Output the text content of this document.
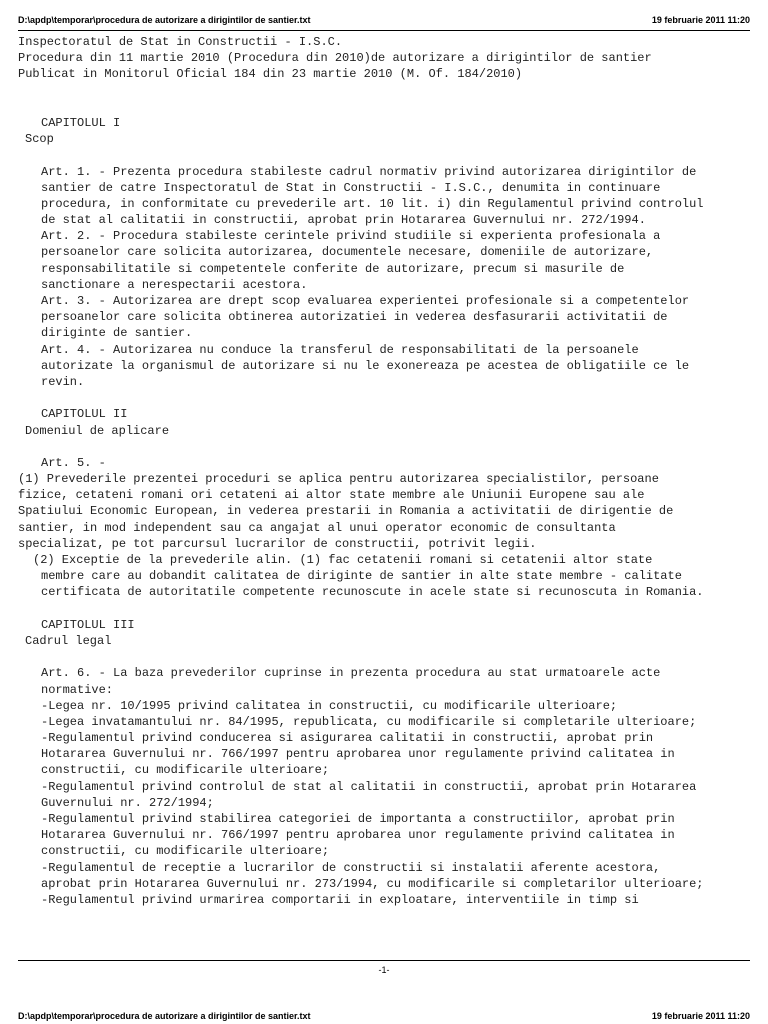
D:\apdp\temporar\procedura de autorizare a dirigintilor de santier.txt	19 februarie 2011 11:20
Inspectoratul de Stat in Constructii - I.S.C.
Procedura din 11 martie 2010 (Procedura din 2010)de autorizare a dirigintilor de santier
Publicat in Monitorul Oficial 184 din 23 martie 2010 (M. Of. 184/2010)
CAPITOLUL I
Scop
Art. 1. - Prezenta procedura stabileste cadrul normativ privind autorizarea dirigintilor de
santier de catre Inspectoratul de Stat in Constructii - I.S.C., denumita in continuare
procedura, in conformitate cu prevederile art. 10 lit. i) din Regulamentul privind controlul
de stat al calitatii in constructii, aprobat prin Hotararea Guvernului nr. 272/1994.
Art. 2. - Procedura stabileste cerintele privind studiile si experienta profesionala a
persoanelor care solicita autorizarea, documentele necesare, domeniile de autorizare,
responsabilitatile si competentele conferite de autorizare, precum si masurile de
sanctionare a nerespectarii acestora.
Art. 3. - Autorizarea are drept scop evaluarea experientei profesionale si a competentelor
persoanelor care solicita obtinerea autorizatiei in vederea desfasurarii activitatii de
diriginte de santier.
Art. 4. - Autorizarea nu conduce la transferul de responsabilitati de la persoanele
autorizate la organismul de autorizare si nu le exonereaza pe acestea de obligatiile ce le
revin.
CAPITOLUL II
Domeniul de aplicare
Art. 5. -
(1) Prevederile prezentei proceduri se aplica pentru autorizarea specialistilor, persoane
fizice, cetateni romani ori cetateni ai altor state membre ale Uniunii Europene sau ale
Spatiului Economic European, in vederea prestarii in Romania a activitatii de dirigentie de
santier, in mod independent sau ca angajat al unui operator economic de consultanta
specializat, pe tot parcursul lucrarilor de constructii, potrivit legii.
(2) Exceptie de la prevederile alin. (1) fac cetatenii romani si cetatenii altor state
membre care au dobandit calitatea de diriginte de santier in alte state membre - calitate
certificata de autoritatile competente recunoscute in acele state si recunoscuta in Romania.
CAPITOLUL III
Cadrul legal
Art. 6. - La baza prevederilor cuprinse in prezenta procedura au stat urmatoarele acte
normative:
-Legea nr. 10/1995 privind calitatea in constructii, cu modificarile ulterioare;
-Legea invatamantului nr. 84/1995, republicata, cu modificarile si completarile ulterioare;
-Regulamentul privind conducerea si asigurarea calitatii in constructii, aprobat prin
Hotararea Guvernului nr. 766/1997 pentru aprobarea unor regulamente privind calitatea in
constructii, cu modificarile ulterioare;
-Regulamentul privind controlul de stat al calitatii in constructii, aprobat prin Hotararea
Guvernului nr. 272/1994;
-Regulamentul privind stabilirea categoriei de importanta a constructiilor, aprobat prin
Hotararea Guvernului nr. 766/1997 pentru aprobarea unor regulamente privind calitatea in
constructii, cu modificarile ulterioare;
-Regulamentul de receptie a lucrarilor de constructii si instalatii aferente acestora,
aprobat prin Hotararea Guvernului nr. 273/1994, cu modificarile si completarilor ulterioare;
-Regulamentul privind urmarirea comportarii in exploatare, interventiile in timp si
-1-
D:\apdp\temporar\procedura de autorizare a dirigintilor de santier.txt	19 februarie 2011 11:20
